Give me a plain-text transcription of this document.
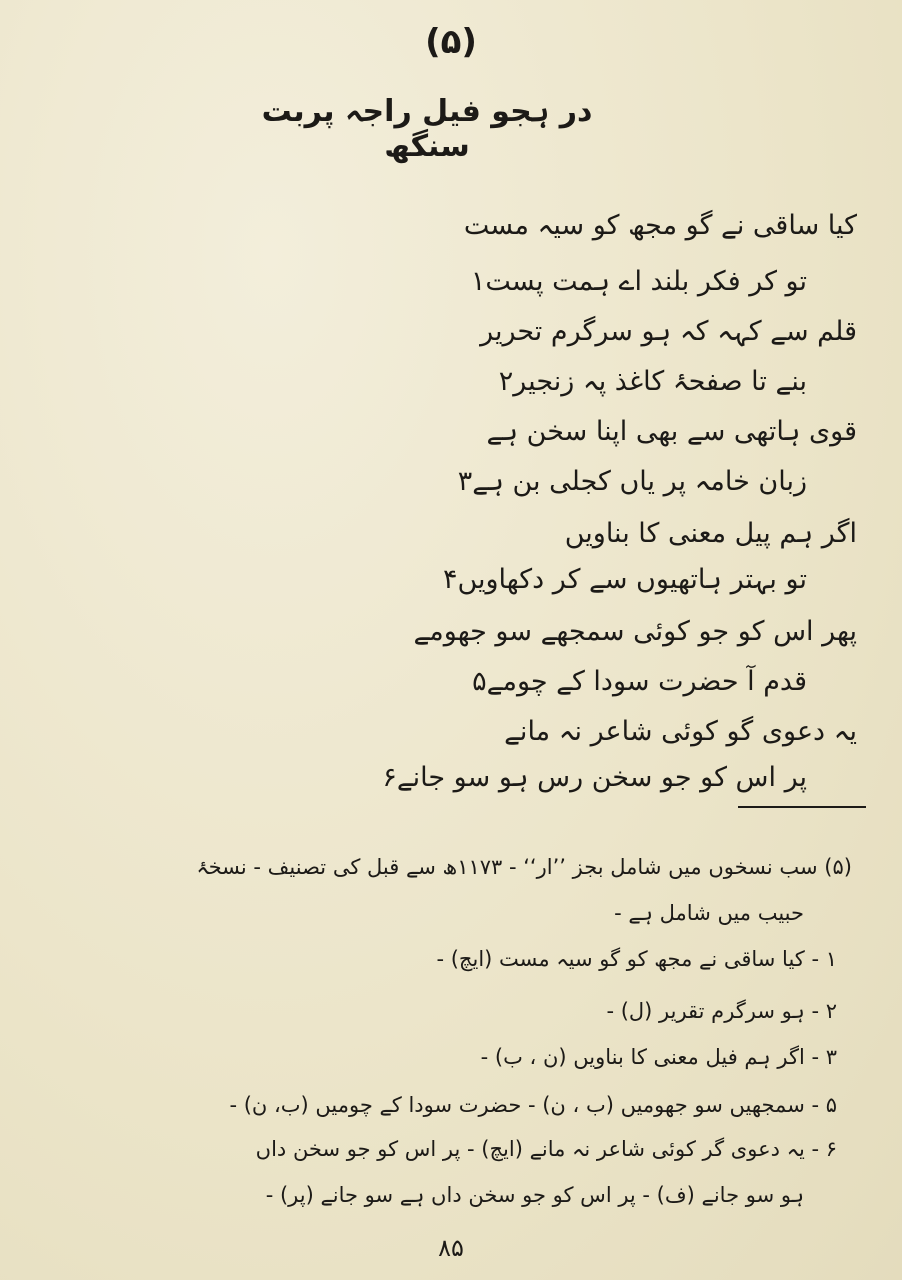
(۵)
در ہجو فیل راجہ پربت سنگھ
کیا ساقی نے گو مجھ کو سیہ مست
تو کر فکر بلند اے ہمت پست۱
قلم سے کہہ کہ ہو سرگرم تحریر
بنے تا صفحۂ کاغذ پہ زنجیر۲
قوی ہاتھی سے بھی اپنا سخن ہے
زبان خامہ پر یاں کجلی بن ہے۳
اگر ہم پیل معنی کا بناویں
تو بہتر ہاتھیوں سے کر دکھاویں۴
پھر اس کو جو کوئی سمجھے سو جھومے
قدم آ حضرت سودا کے چومے۵
یہ دعوی گو کوئی شاعر نہ مانے
پر اس کو جو سخن رس ہو سو جانے۶
(۵) سب نسخوں میں شامل بجز ’’ار‘‘ - ۱۱۷۳ھ سے قبل کی تصنیف - نسخۂ
حبیب میں شامل ہے -
۱ - کیا ساقی نے مجھ کو گو سیہ مست (ایچ) -
۲ - ہو سرگرم تقریر (ل) -
۳ - اگر ہم فیل معنی کا بناویں (ن ، ب) -
۵ - سمجھیں سو جھومیں (ب ، ن) - حضرت سودا کے چومیں (ب، ن) -
۶ - یہ دعوی گر کوئی شاعر نہ مانے (ایچ) - پر اس کو جو سخن داں
ہو سو جانے (ف) - پر اس کو جو سخن داں ہے سو جانے (پر) -
۸۵
